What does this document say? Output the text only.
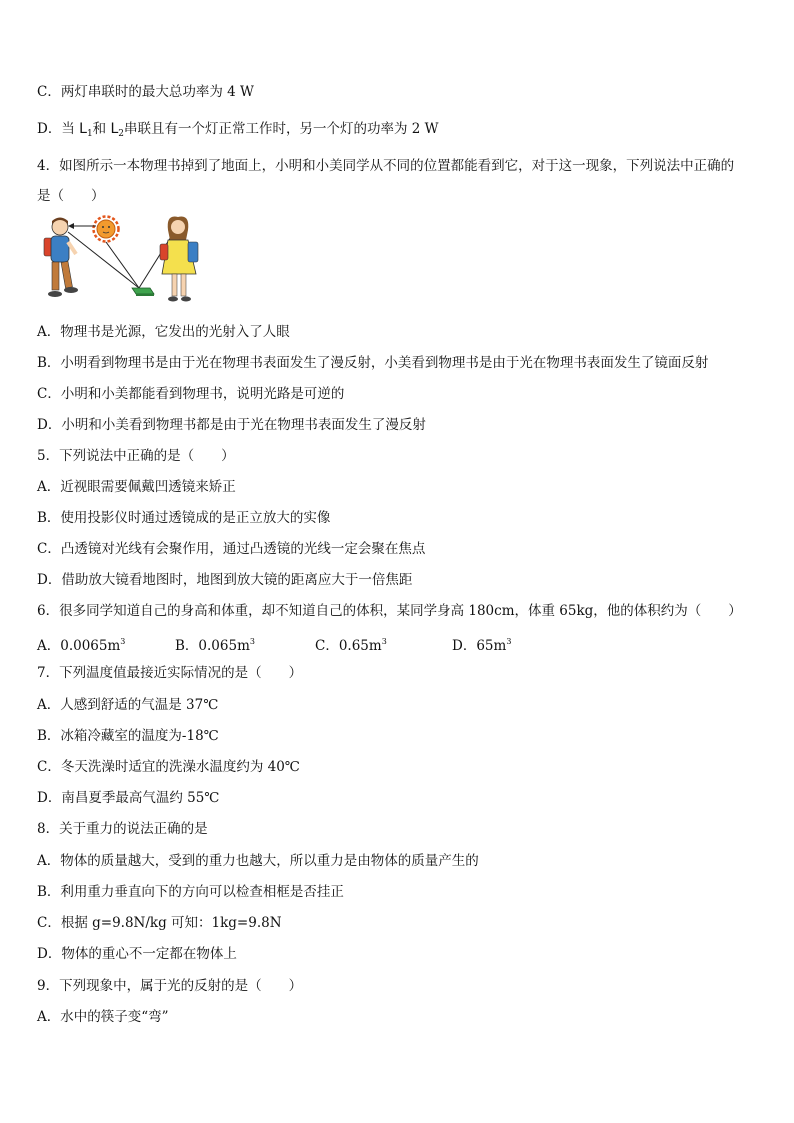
C．两灯串联时的最大总功率为 4 W
D．当 $L_1$和 $L_2$串联且有一个灯正常工作时，另一个灯的功率为 2 W
4．如图所示一本物理书掉到了地面上，小明和小美同学从不同的位置都能看到它，对于这一现象，下列说法中正确的
是（　　）
A．物理书是光源，它发出的光射入了人眼
B．小明看到物理书是由于光在物理书表面发生了漫反射，小美看到物理书是由于光在物理书表面发生了镜面反射
C．小明和小美都能看到物理书，说明光路是可逆的
D．小明和小美看到物理书都是由于光在物理书表面发生了漫反射
5．下列说法中正确的是（　　）
A．近视眼需要佩戴凹透镜来矫正
B．使用投影仪时通过透镜成的是正立放大的实像
C．凸透镜对光线有会聚作用，通过凸透镜的光线一定会聚在焦点
D．借助放大镜看地图时，地图到放大镜的距离应大于一倍焦距
6．很多同学知道自己的身高和体重，却不知道自己的体积，某同学身高 180cm，体重 65kg，他的体积约为（　　）
A．$0.0065m^3$	B．$0.065m^3$	C．$0.65m^3$	D．$65m^3$
7．下列温度值最接近实际情况的是（　　）
A．人感到舒适的气温是 37℃
B．冰箱冷藏室的温度为-18℃
C．冬天洗澡时适宜的洗澡水温度约为 40℃
D．南昌夏季最高气温约 55℃
8．关于重力的说法正确的是
A．物体的质量越大，受到的重力也越大，所以重力是由物体的质量产生的
B．利用重力垂直向下的方向可以检查相框是否挂正
C．根据 g=9.8N/kg 可知：1kg=9.8N
D．物体的重心不一定都在物体上
9．下列现象中，属于光的反射的是（　　）
A．水中的筷子变“弯”
